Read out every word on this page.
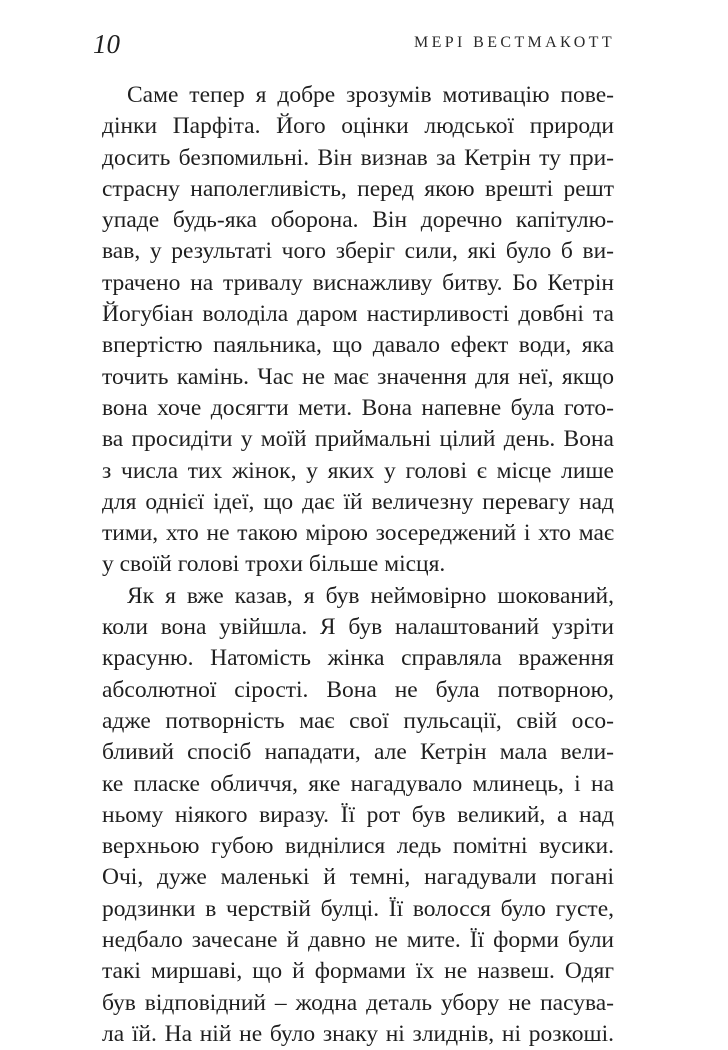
10	МЕРІ ВЕСТМАКОТТ
Саме тепер я добре зрозумів мотивацію пове-
дінки Парфіта. Його оцінки людської природи
досить безпомильні. Він визнав за Кетрін ту при-
страсну наполегливість, перед якою врешті решт
упаде будь-яка оборона. Він доречно капітулю-
вав, у результаті чого зберіг сили, які було б ви-
трачено на тривалу виснажливу битву. Бо Кетрін
Йогубіан володіла даром настирливості довбні та
впертістю паяльника, що давало ефект води, яка
точить камінь. Час не має значення для неї, якщо
вона хоче досягти мети. Вона напевне була гото-
ва просидіти у моїй приймальні цілий день. Вона
з числа тих жінок, у яких у голові є місце лише
для однієї ідеї, що дає їй величезну перевагу над
тими, хто не такою мірою зосереджений і хто має
у своїй голові трохи більше місця.
Як я вже казав, я був неймовірно шокований,
коли вона увійшла. Я був налаштований узріти
красуню. Натомість жінка справляла враження
абсолютної сірості. Вона не була потворною,
адже потворність має свої пульсації, свій осо-
бливий спосіб нападати, але Кетрін мала вели-
ке пласке обличчя, яке нагадувало млинець, і на
ньому ніякого виразу. Її рот був великий, а над
верхньою губою виднілися ледь помітні вусики.
Очі, дуже маленькі й темні, нагадували погані
родзинки в черствій булці. Її волосся було густе,
недбало зачесане й давно не мите. Її форми були
такі миршаві, що й формами їх не назвеш. Одяг
був відповідний – жодна деталь убору не пасува-
ла їй. На ній не було знаку ні злиднів, ні розкоші.
